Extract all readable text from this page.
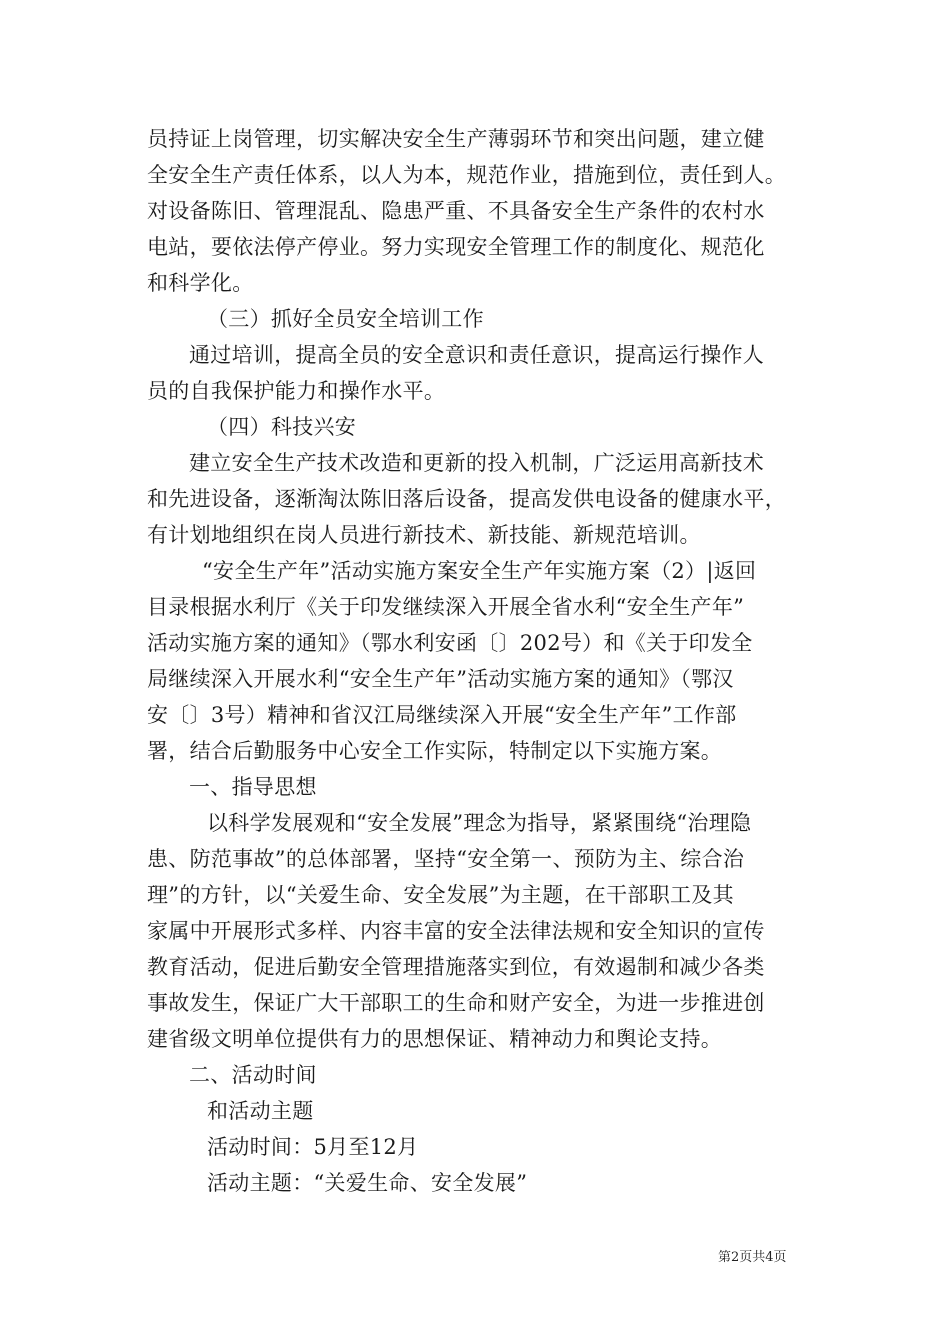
员持证上岗管理，切实解决安全生产薄弱环节和突出问题，建立健
全安全生产责任体系，以人为本，规范作业，措施到位，责任到人。
对设备陈旧、管理混乱、隐患严重、不具备安全生产条件的农村水
电站，要依法停产停业。努力实现安全管理工作的制度化、规范化
和科学化。
（三）抓好全员安全培训工作
通过培训，提高全员的安全意识和责任意识，提高运行操作人
员的自我保护能力和操作水平。
（四）科技兴安
建立安全生产技术改造和更新的投入机制，广泛运用高新技术
和先进设备，逐渐淘汰陈旧落后设备，提高发供电设备的健康水平，
有计划地组织在岗人员进行新技术、新技能、新规范培训。
“安全生产年”活动实施方案安全生产年实施方案（2）|返回
目录根据水利厅《关于印发继续深入开展全省水利“安全生产年”
活动实施方案的通知》（鄂水利安函〔〕202号）和《关于印发全
局继续深入开展水利“安全生产年”活动实施方案的通知》（鄂汉
安〔〕3号）精神和省汉江局继续深入开展“安全生产年”工作部
署，结合后勤服务中心安全工作实际，特制定以下实施方案。
一、指导思想
以科学发展观和“安全发展”理念为指导，紧紧围绕“治理隐
患、防范事故”的总体部署，坚持“安全第一、预防为主、综合治
理”的方针，以“关爱生命、安全发展”为主题，在干部职工及其
家属中开展形式多样、内容丰富的安全法律法规和安全知识的宣传
教育活动，促进后勤安全管理措施落实到位，有效遏制和减少各类
事故发生，保证广大干部职工的生命和财产安全，为进一步推进创
建省级文明单位提供有力的思想保证、精神动力和舆论支持。
二、活动时间
和活动主题
活动时间：5月至12月
活动主题：“关爱生命、安全发展”
第2页共4页
